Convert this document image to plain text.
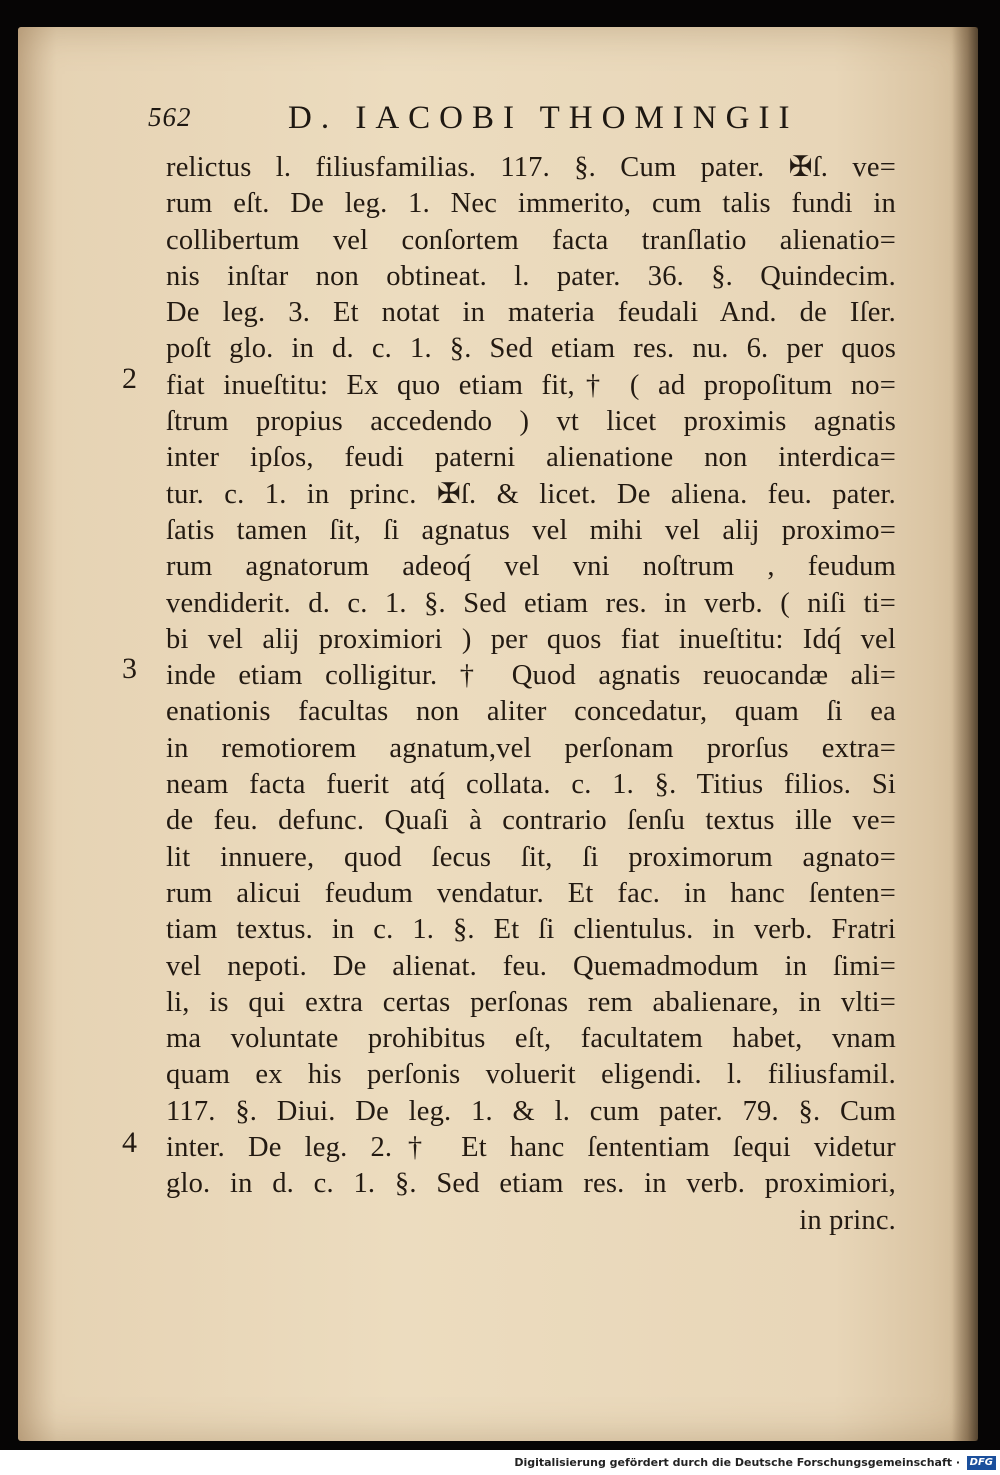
562	D. IACOBI THOMINGII
2
3
4
relictus l. filiusfamilias. 117. §. Cum pater. ✠ſ. ve=
rum eſt. De leg. 1. Nec immerito, cum talis fundi in
collibertum vel conſortem facta tranſlatio alienatio=
nis inſtar non obtineat. l. pater. 36. §. Quindecim.
De leg. 3. Et notat in materia feudali And. de Iſer.
poſt glo. in d. c. 1. §. Sed etiam res. nu. 6. per quos
fiat inueſtitu: Ex quo etiam fit,† ( ad propoſitum no=
ſtrum propius accedendo ) vt licet proximis agnatis
inter ipſos, feudi paterni alienatione non interdica=
tur. c. 1. in princ. ✠ſ. & licet. De aliena. feu. pater.
ſatis tamen ſit, ſi agnatus vel mihi vel alij proximo=
rum agnatorum adeoq́ vel vni noſtrum , feudum
vendiderit. d. c. 1. §. Sed etiam res. in verb. ( niſi ti=
bi vel alij proximiori ) per quos fiat inueſtitu: Idq́ vel
inde etiam colligitur. † Quod agnatis reuocandæ ali=
enationis facultas non aliter concedatur, quam ſi ea
in remotiorem agnatum,vel perſonam prorſus extra=
neam facta fuerit atq́ collata. c. 1. §. Titius filios. Si
de feu. defunc. Quaſi à contrario ſenſu textus ille ve=
lit innuere, quod ſecus ſit, ſi proximorum agnato=
rum alicui feudum vendatur. Et fac. in hanc ſenten=
tiam textus. in c. 1. §. Et ſi clientulus. in verb. Fratri
vel nepoti. De alienat. feu. Quemadmodum in ſimi=
li, is qui extra certas perſonas rem abalienare, in vlti=
ma voluntate prohibitus eſt, facultatem habet, vnam
quam ex his perſonis voluerit eligendi. l. filiusfamil.
117. §. Diui. De leg. 1. & l. cum pater. 79. §. Cum
inter. De leg. 2.† Et hanc ſententiam ſequi videtur
glo. in d. c. 1. §. Sed etiam res. in verb. proximiori,
in princ.
Digitalisierung gefördert durch die Deutsche Forschungsgemeinschaft · DFG
